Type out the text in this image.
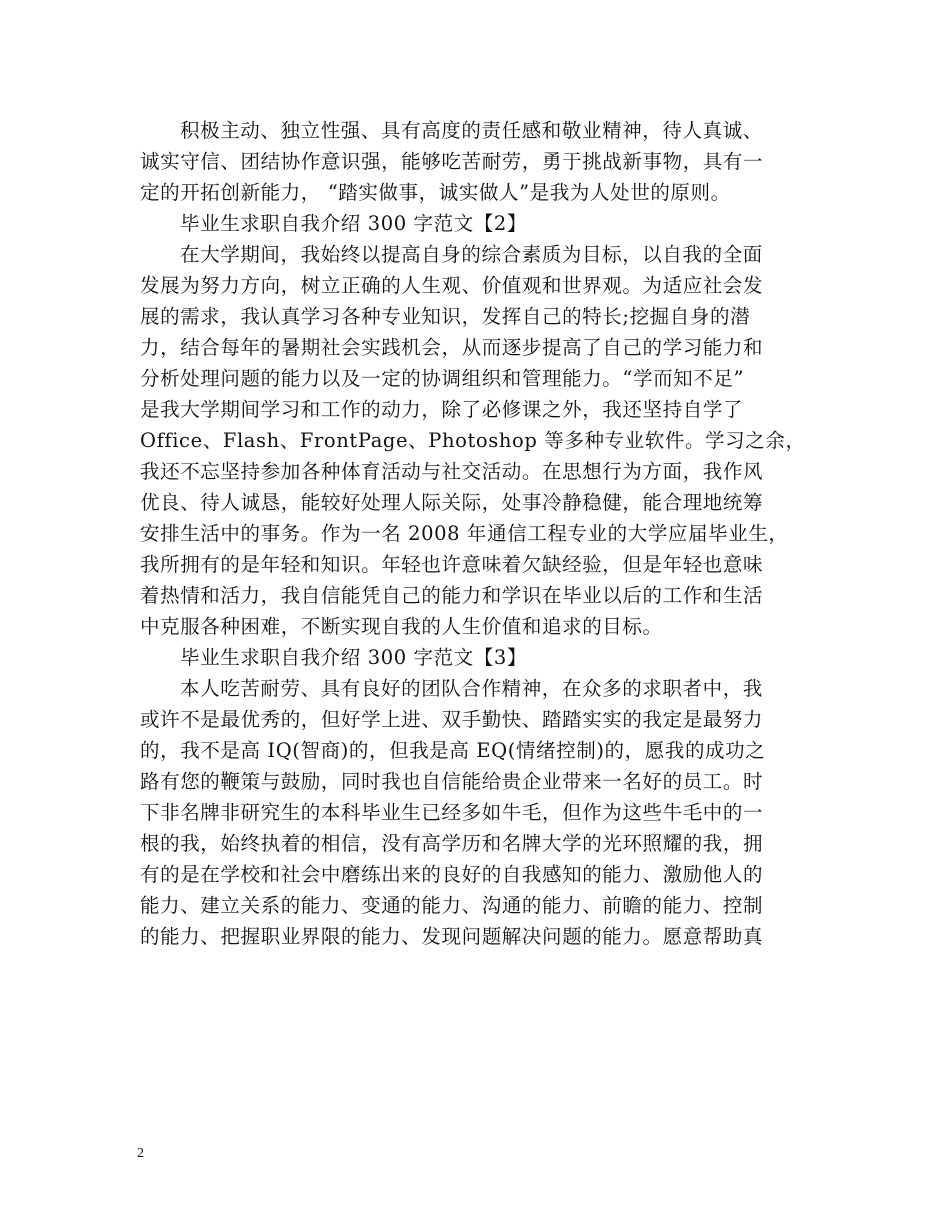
积极主动、独立性强、具有高度的责任感和敬业精神，待人真诚、
诚实守信、团结协作意识强，能够吃苦耐劳，勇于挑战新事物，具有一
定的开拓创新能力， “踏实做事，诚实做人”是我为人处世的原则。
毕业生求职自我介绍 300 字范文【2】
在大学期间，我始终以提高自身的综合素质为目标，以自我的全面
发展为努力方向，树立正确的人生观、价值观和世界观。为适应社会发
展的需求，我认真学习各种专业知识，发挥自己的特长;挖掘自身的潜
力，结合每年的暑期社会实践机会，从而逐步提高了自己的学习能力和
分析处理问题的能力以及一定的协调组织和管理能力。“学而知不足”
是我大学期间学习和工作的动力，除了必修课之外，我还坚持自学了
Office、Flash、FrontPage、Photoshop 等多种专业软件。学习之余，
我还不忘坚持参加各种体育活动与社交活动。在思想行为方面，我作风
优良、待人诚恳，能较好处理人际关际，处事冷静稳健，能合理地统筹
安排生活中的事务。作为一名 2008 年通信工程专业的大学应届毕业生，
我所拥有的是年轻和知识。年轻也许意味着欠缺经验，但是年轻也意味
着热情和活力，我自信能凭自己的能力和学识在毕业以后的工作和生活
中克服各种困难，不断实现自我的人生价值和追求的目标。
毕业生求职自我介绍 300 字范文【3】
本人吃苦耐劳、具有良好的团队合作精神，在众多的求职者中，我
或许不是最优秀的，但好学上进、双手勤快、踏踏实实的我定是最努力
的，我不是高 IQ(智商)的，但我是高 EQ(情绪控制)的，愿我的成功之
路有您的鞭策与鼓励，同时我也自信能给贵企业带来一名好的员工。时
下非名牌非研究生的本科毕业生已经多如牛毛，但作为这些牛毛中的一
根的我，始终执着的相信，没有高学历和名牌大学的光环照耀的我，拥
有的是在学校和社会中磨练出来的良好的自我感知的能力、激励他人的
能力、建立关系的能力、变通的能力、沟通的能力、前瞻的能力、控制
的能力、把握职业界限的能力、发现问题解决问题的能力。愿意帮助真
2
